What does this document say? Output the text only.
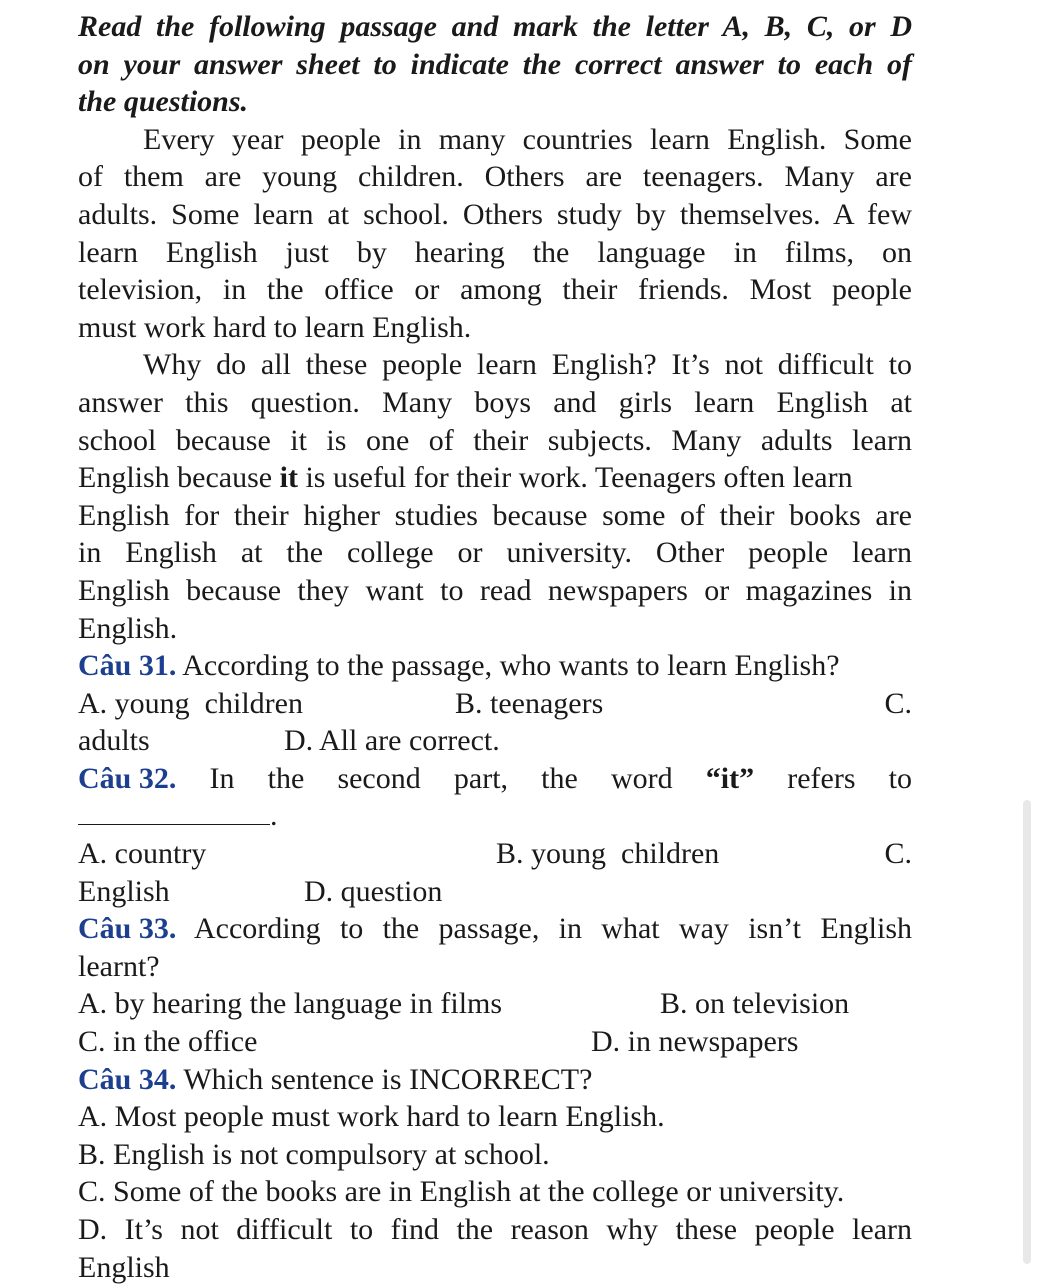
Read the following passage and mark the letter A, B, C, or D
on your answer sheet to indicate the correct answer to each of
the questions.
Every year people in many countries learn English. Some
of them are young children. Others are teenagers. Many are
adults. Some learn at school. Others study by themselves. A few
learn English just by hearing the language in films, on
television, in the office or among their friends. Most people
must work hard to learn English.
Why do all these people learn English? It’s not difficult to
answer this question. Many boys and girls learn English at
school because it is one of their subjects. Many adults learn
English because it is useful for their work. Teenagers often learn
English for their higher studies because some of their books are
in English at the college or university. Other people learn
English because they want to read newspapers or magazines in
English.
Câu 31. According to the passage, who wants to learn English?
A. young  children	B. teenagers	C.
adults	D. All are correct.
Câu 32. In the second part, the word “it” refers to
.
A. country	B. young  children	C.
English	D. question
Câu 33. According to the passage, in what way isn’t English
learnt?
A. by hearing the language in films	B. on television
C. in the office	D. in newspapers
Câu 34. Which sentence is INCORRECT?
A. Most people must work hard to learn English.
B. English is not compulsory at school.
C. Some of the books are in English at the college or university.
D. It’s not difficult to find the reason why these people learn
English
